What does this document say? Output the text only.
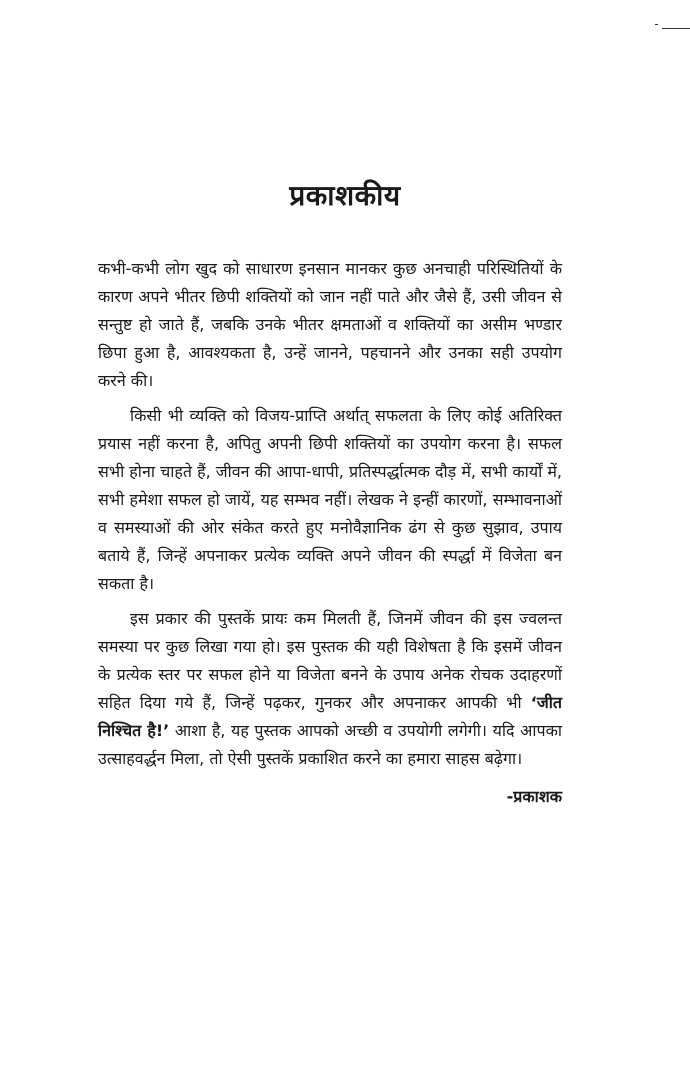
प्रकाशकीय

कभी-कभी लोग खुद को साधारण इनसान मानकर कुछ अनचाही परिस्थितियों के कारण अपने भीतर छिपी शक्तियों को जान नहीं पाते और जैसे हैं, उसी जीवन से सन्तुष्ट हो जाते हैं, जबकि उनके भीतर क्षमताओं व शक्तियों का असीम भण्डार छिपा हुआ है, आवश्यकता है, उन्हें जानने, पहचानने और उनका सही उपयोग करने की।

किसी भी व्यक्ति को विजय-प्राप्ति अर्थात् सफलता के लिए कोई अतिरिक्त प्रयास नहीं करना है, अपितु अपनी छिपी शक्तियों का उपयोग करना है। सफल सभी होना चाहते हैं, जीवन की आपा-धापी, प्रतिस्पर्द्धात्मक दौड़ में, सभी कार्यों में, सभी हमेशा सफल हो जायें, यह सम्भव नहीं। लेखक ने इन्हीं कारणों, सम्भावनाओं व समस्याओं की ओर संकेत करते हुए मनोवैज्ञानिक ढंग से कुछ सुझाव, उपाय बताये हैं, जिन्हें अपनाकर प्रत्येक व्यक्ति अपने जीवन की स्पर्द्धा में विजेता बन सकता है।

इस प्रकार की पुस्तकें प्रायः कम मिलती हैं, जिनमें जीवन की इस ज्वलन्त समस्या पर कुछ लिखा गया हो। इस पुस्तक की यही विशेषता है कि इसमें जीवन के प्रत्येक स्तर पर सफल होने या विजेता बनने के उपाय अनेक रोचक उदाहरणों सहित दिया गये हैं, जिन्हें पढ़कर, गुनकर और अपनाकर आपकी भी ‘जीत निश्चित है!’ आशा है, यह पुस्तक आपको अच्छी व उपयोगी लगेगी। यदि आपका उत्साहवर्द्धन मिला, तो ऐसी पुस्तकें प्रकाशित करने का हमारा साहस बढ़ेगा।

-प्रकाशक
